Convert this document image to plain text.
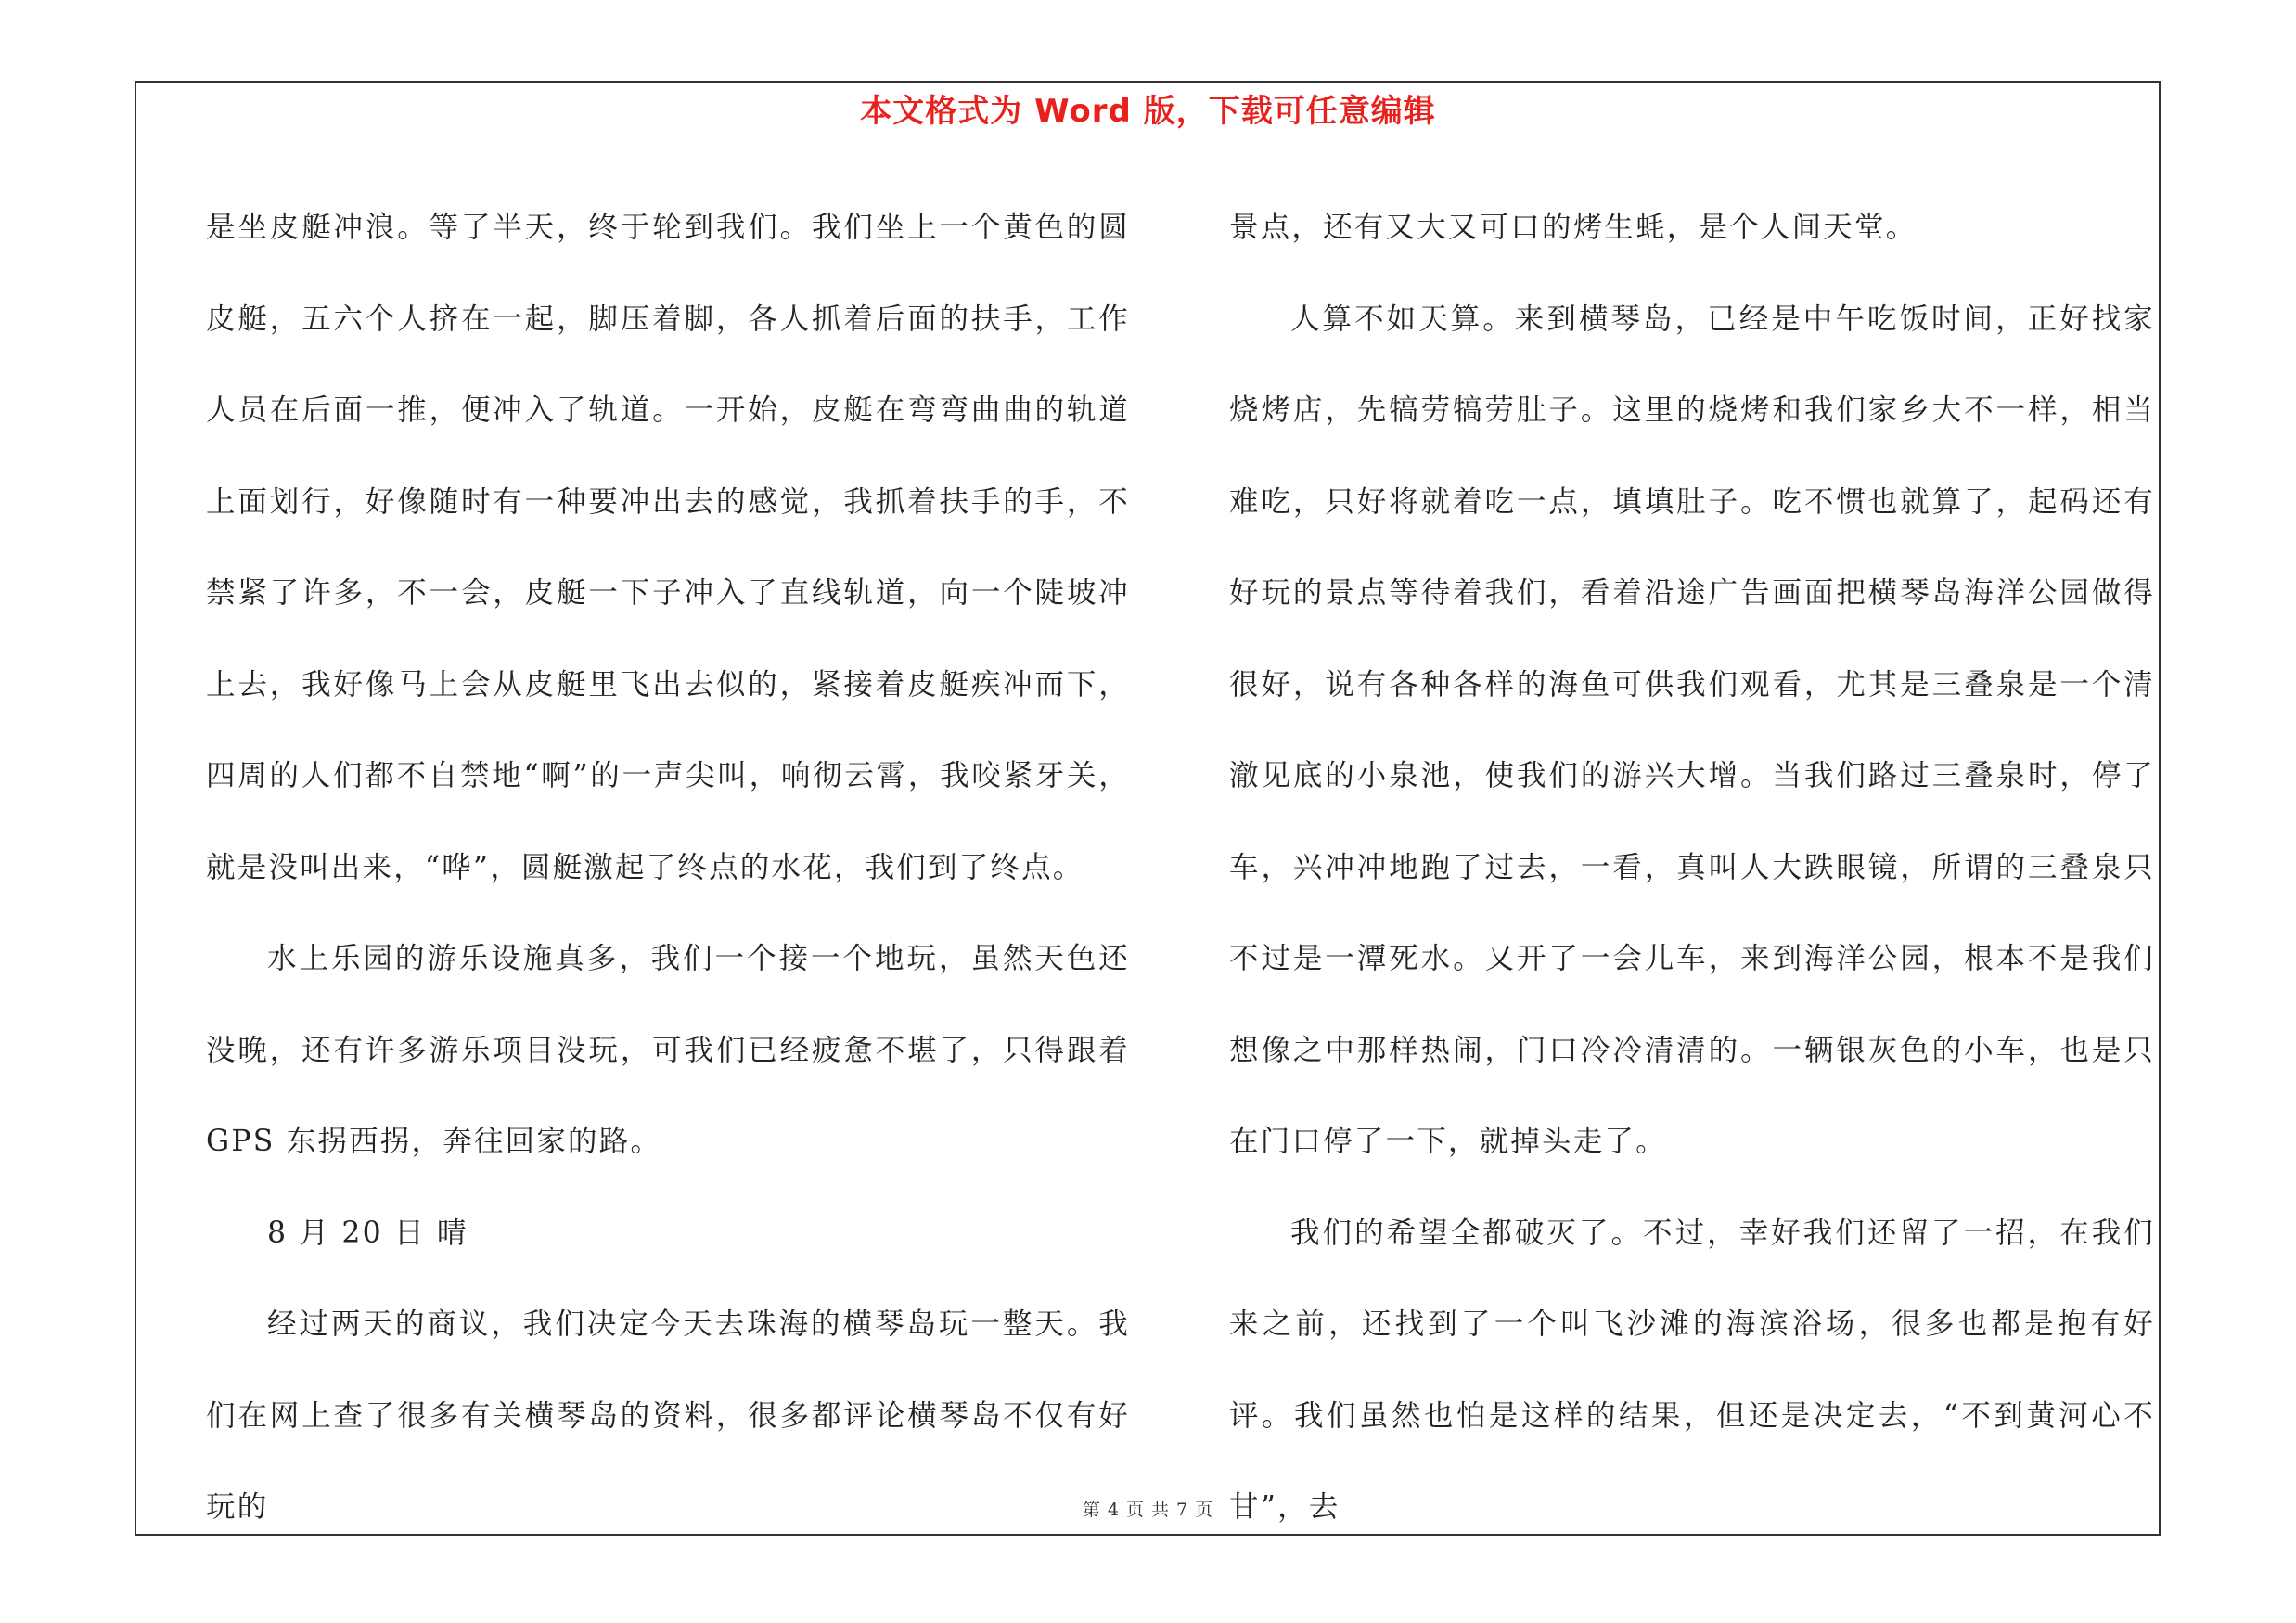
本文格式为 Word 版，下载可任意编辑

是坐皮艇冲浪。等了半天，终于轮到我们。我们坐上一个黄色的圆皮艇，五六个人挤在一起，脚压着脚，各人抓着后面的扶手，工作人员在后面一推，便冲入了轨道。一开始，皮艇在弯弯曲曲的轨道上面划行，好像随时有一种要冲出去的感觉，我抓着扶手的手，不禁紧了许多，不一会，皮艇一下子冲入了直线轨道，向一个陡坡冲上去，我好像马上会从皮艇里飞出去似的，紧接着皮艇疾冲而下，四周的人们都不自禁地“啊”的一声尖叫，响彻云霄，我咬紧牙关，就是没叫出来，“哗”，圆艇激起了终点的水花，我们到了终点。

水上乐园的游乐设施真多，我们一个接一个地玩，虽然天色还没晚，还有许多游乐项目没玩，可我们已经疲惫不堪了，只得跟着 GPS 东拐西拐，奔往回家的路。

8 月 20 日 晴

经过两天的商议，我们决定今天去珠海的横琴岛玩一整天。我们在网上查了很多有关横琴岛的资料，很多都评论横琴岛不仅有好玩的

景点，还有又大又可口的烤生蚝，是个人间天堂。

人算不如天算。来到横琴岛，已经是中午吃饭时间，正好找家烧烤店，先犒劳犒劳肚子。这里的烧烤和我们家乡大不一样，相当难吃，只好将就着吃一点，填填肚子。吃不惯也就算了，起码还有好玩的景点等待着我们，看着沿途广告画面把横琴岛海洋公园做得很好，说有各种各样的海鱼可供我们观看，尤其是三叠泉是一个清澈见底的小泉池，使我们的游兴大增。当我们路过三叠泉时，停了车，兴冲冲地跑了过去，一看，真叫人大跌眼镜，所谓的三叠泉只不过是一潭死水。又开了一会儿车，来到海洋公园，根本不是我们想像之中那样热闹，门口冷冷清清的。一辆银灰色的小车，也是只在门口停了一下，就掉头走了。

我们的希望全都破灭了。不过，幸好我们还留了一招，在我们来之前，还找到了一个叫飞沙滩的海滨浴场，很多也都是抱有好评。我们虽然也怕是这样的结果，但还是决定去，“不到黄河心不甘”，去

第 4 页 共 7 页
